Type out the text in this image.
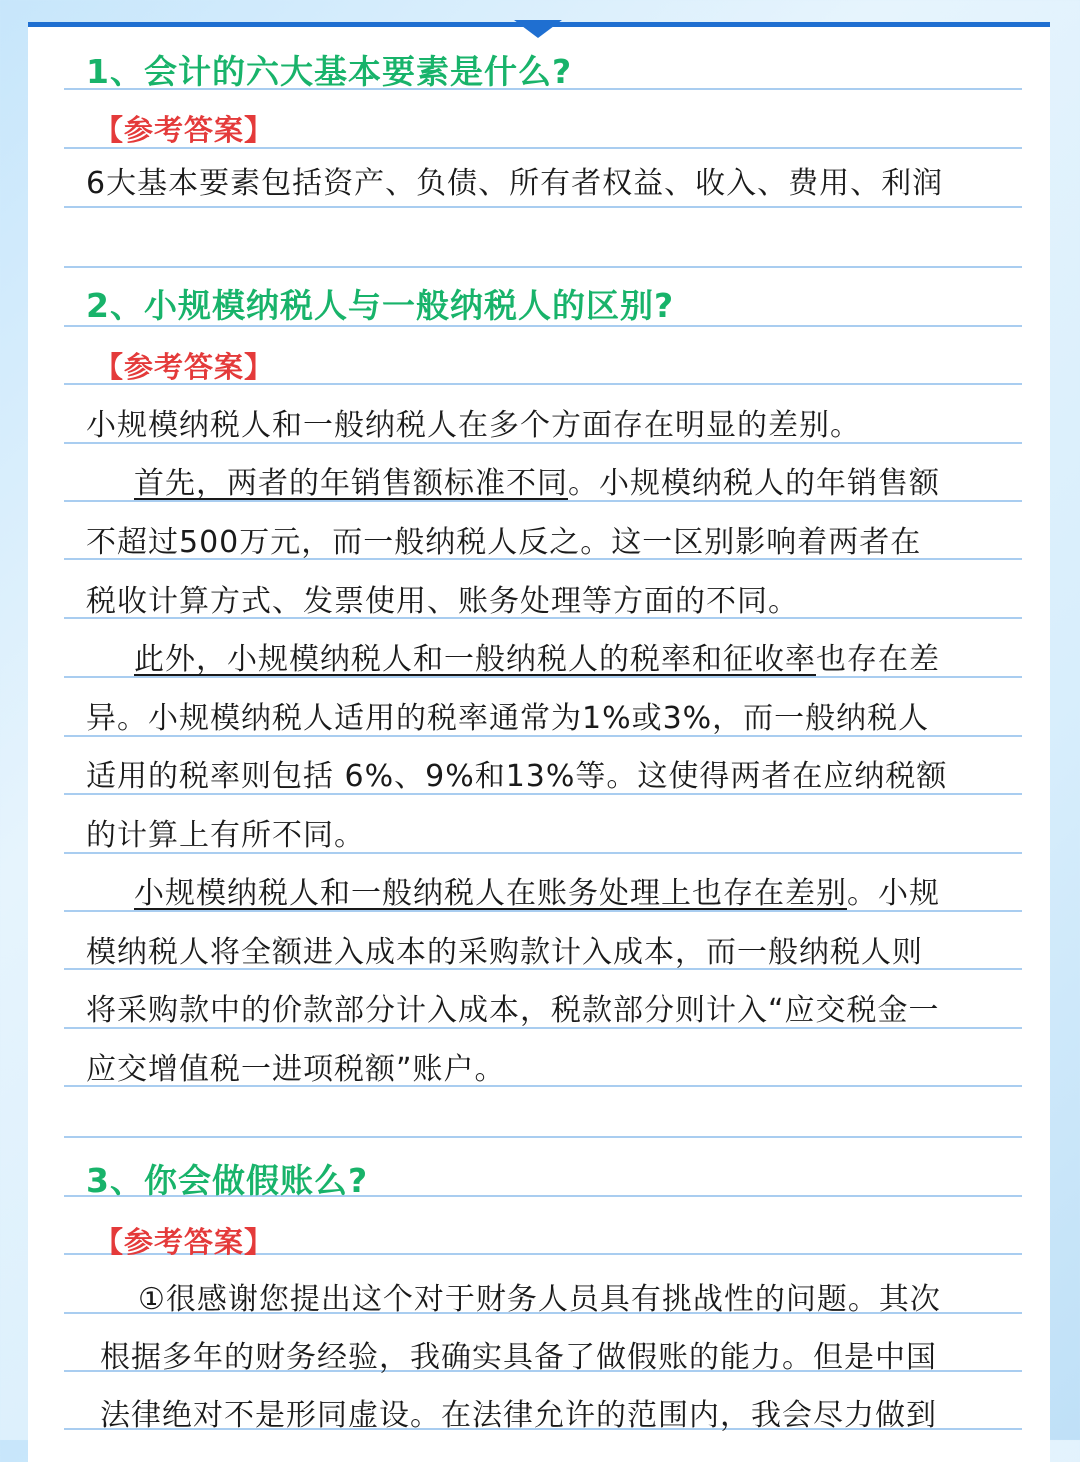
1、会计的六大基本要素是什么?
【参考答案】
6大基本要素包括资产、负债、所有者权益、收入、费用、利润
2、小规模纳税人与一般纳税人的区别?
【参考答案】
小规模纳税人和一般纳税人在多个方面存在明显的差别。
首先，两者的年销售额标准不同。小规模纳税人的年销售额
不超过500万元，而一般纳税人反之。这一区别影响着两者在
税收计算方式、发票使用、账务处理等方面的不同。
此外，小规模纳税人和一般纳税人的税率和征收率也存在差
异。小规模纳税人适用的税率通常为1%或3%，而一般纳税人
适用的税率则包括 6%、9%和13%等。这使得两者在应纳税额
的计算上有所不同。
小规模纳税人和一般纳税人在账务处理上也存在差别。小规
模纳税人将全额进入成本的采购款计入成本，而一般纳税人则
将采购款中的价款部分计入成本，税款部分则计入“应交税金一
应交增值税一进项税额”账户。
3、你会做假账么?
【参考答案】
①很感谢您提出这个对于财务人员具有挑战性的问题。其次
根据多年的财务经验，我确实具备了做假账的能力。但是中国
法律绝对不是形同虚设。在法律允许的范围内，我会尽力做到
